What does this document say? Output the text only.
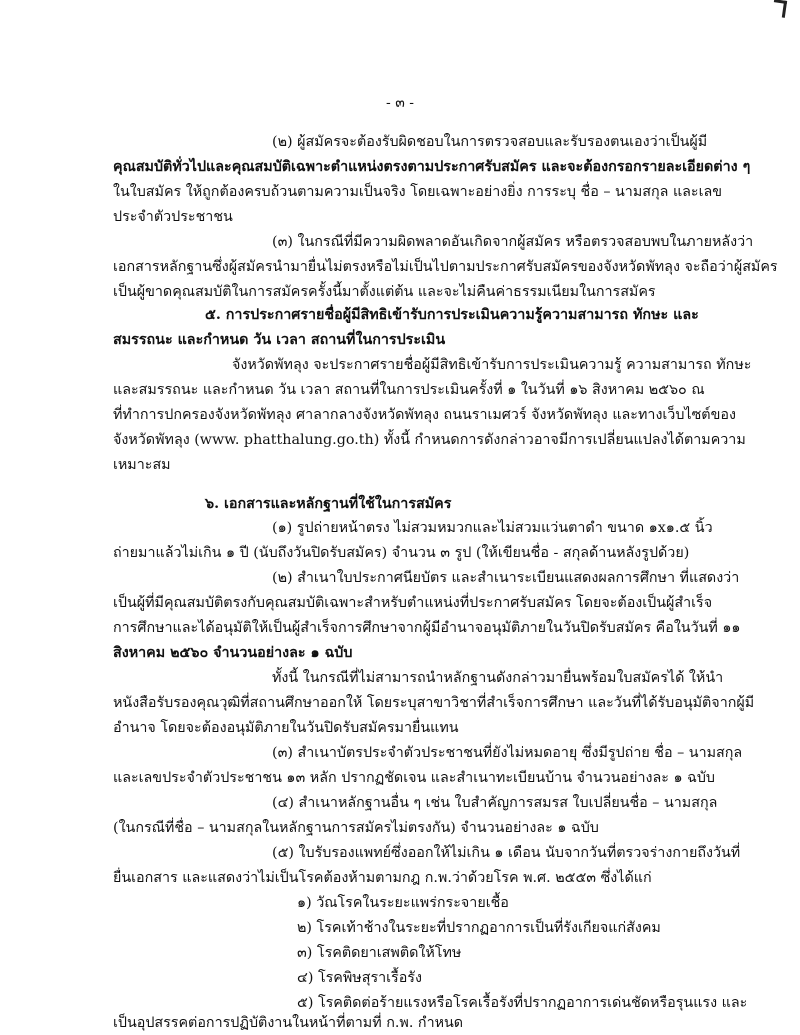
- ๓ -
(๒) ผู้สมัครจะต้องรับผิดชอบในการตรวจสอบและรับรองตนเองว่าเป็นผู้มี
คุณสมบัติทั่วไปและคุณสมบัติเฉพาะตำแหน่งตรงตามประกาศรับสมัคร และจะต้องกรอกรายละเอียดต่าง ๆ
ในใบสมัคร ให้ถูกต้องครบถ้วนตามความเป็นจริง โดยเฉพาะอย่างยิ่ง การระบุ ชื่อ – นามสกุล และเลข
ประจำตัวประชาชน
(๓) ในกรณีที่มีความผิดพลาดอันเกิดจากผู้สมัคร หรือตรวจสอบพบในภายหลังว่า
เอกสารหลักฐานซึ่งผู้สมัครนำมายื่นไม่ตรงหรือไม่เป็นไปตามประกาศรับสมัครของจังหวัดพัทลุง จะถือว่าผู้สมัคร
เป็นผู้ขาดคุณสมบัติในการสมัครครั้งนี้มาตั้งแต่ต้น และจะไม่คืนค่าธรรมเนียมในการสมัคร
๕. การประกาศรายชื่อผู้มีสิทธิเข้ารับการประเมินความรู้ความสามารถ ทักษะ และ
สมรรถนะ และกำหนด วัน เวลา สถานที่ในการประเมิน
จังหวัดพัทลุง จะประกาศรายชื่อผู้มีสิทธิเข้ารับการประเมินความรู้ ความสามารถ ทักษะ
และสมรรถนะ และกำหนด วัน เวลา สถานที่ในการประเมินครั้งที่ ๑ ในวันที่ ๑๖ สิงหาคม ๒๕๖๐ ณ
ที่ทำการปกครองจังหวัดพัทลุง ศาลากลางจังหวัดพัทลุง ถนนราเมศวร์ จังหวัดพัทลุง และทางเว็บไซต์ของ
จังหวัดพัทลุง (www. phatthalung.go.th) ทั้งนี้ กำหนดการดังกล่าวอาจมีการเปลี่ยนแปลงได้ตามความ
เหมาะสม
๖. เอกสารและหลักฐานที่ใช้ในการสมัคร
(๑) รูปถ่ายหน้าตรง ไม่สวมหมวกและไม่สวมแว่นตาดำ ขนาด ๑x๑.๕ นิ้ว
ถ่ายมาแล้วไม่เกิน ๑ ปี (นับถึงวันปิดรับสมัคร) จำนวน ๓ รูป (ให้เขียนชื่อ - สกุลด้านหลังรูปด้วย)
(๒) สำเนาใบประกาศนียบัตร และสำเนาระเบียนแสดงผลการศึกษา ที่แสดงว่า
เป็นผู้ที่มีคุณสมบัติตรงกับคุณสมบัติเฉพาะสำหรับตำแหน่งที่ประกาศรับสมัคร โดยจะต้องเป็นผู้สำเร็จ
การศึกษาและได้อนุมัติให้เป็นผู้สำเร็จการศึกษาจากผู้มีอำนาจอนุมัติภายในวันปิดรับสมัคร คือในวันที่ ๑๑
สิงหาคม ๒๕๖๐ จำนวนอย่างละ ๑ ฉบับ
ทั้งนี้ ในกรณีที่ไม่สามารถนำหลักฐานดังกล่าวมายื่นพร้อมใบสมัครได้ ให้นำ
หนังสือรับรองคุณวุฒิที่สถานศึกษาออกให้ โดยระบุสาขาวิชาที่สำเร็จการศึกษา และวันที่ได้รับอนุมัติจากผู้มี
อำนาจ โดยจะต้องอนุมัติภายในวันปิดรับสมัครมายื่นแทน
(๓) สำเนาบัตรประจำตัวประชาชนที่ยังไม่หมดอายุ ซึ่งมีรูปถ่าย ชื่อ – นามสกุล
และเลขประจำตัวประชาชน ๑๓ หลัก ปรากฏชัดเจน และสำเนาทะเบียนบ้าน จำนวนอย่างละ ๑ ฉบับ
(๔) สำเนาหลักฐานอื่น ๆ เช่น ใบสำคัญการสมรส ใบเปลี่ยนชื่อ – นามสกุล
(ในกรณีที่ชื่อ – นามสกุลในหลักฐานการสมัครไม่ตรงกัน) จำนวนอย่างละ ๑ ฉบับ
(๕) ใบรับรองแพทย์ซึ่งออกให้ไม่เกิน ๑ เดือน นับจากวันที่ตรวจร่างกายถึงวันที่
ยื่นเอกสาร และแสดงว่าไม่เป็นโรคต้องห้ามตามกฎ ก.พ.ว่าด้วยโรค พ.ศ. ๒๕๕๓ ซึ่งได้แก่
๑) วัณโรคในระยะแพร่กระจายเชื้อ
๒) โรคเท้าช้างในระยะที่ปรากฏอาการเป็นที่รังเกียจแก่สังคม
๓) โรคติดยาเสพติดให้โทษ
๔) โรคพิษสุราเรื้อรัง
๕) โรคติดต่อร้ายแรงหรือโรคเรื้อรังที่ปรากฏอาการเด่นชัดหรือรุนแรง และ
เป็นอุปสรรคต่อการปฏิบัติงานในหน้าที่ตามที่ ก.พ. กำหนด
